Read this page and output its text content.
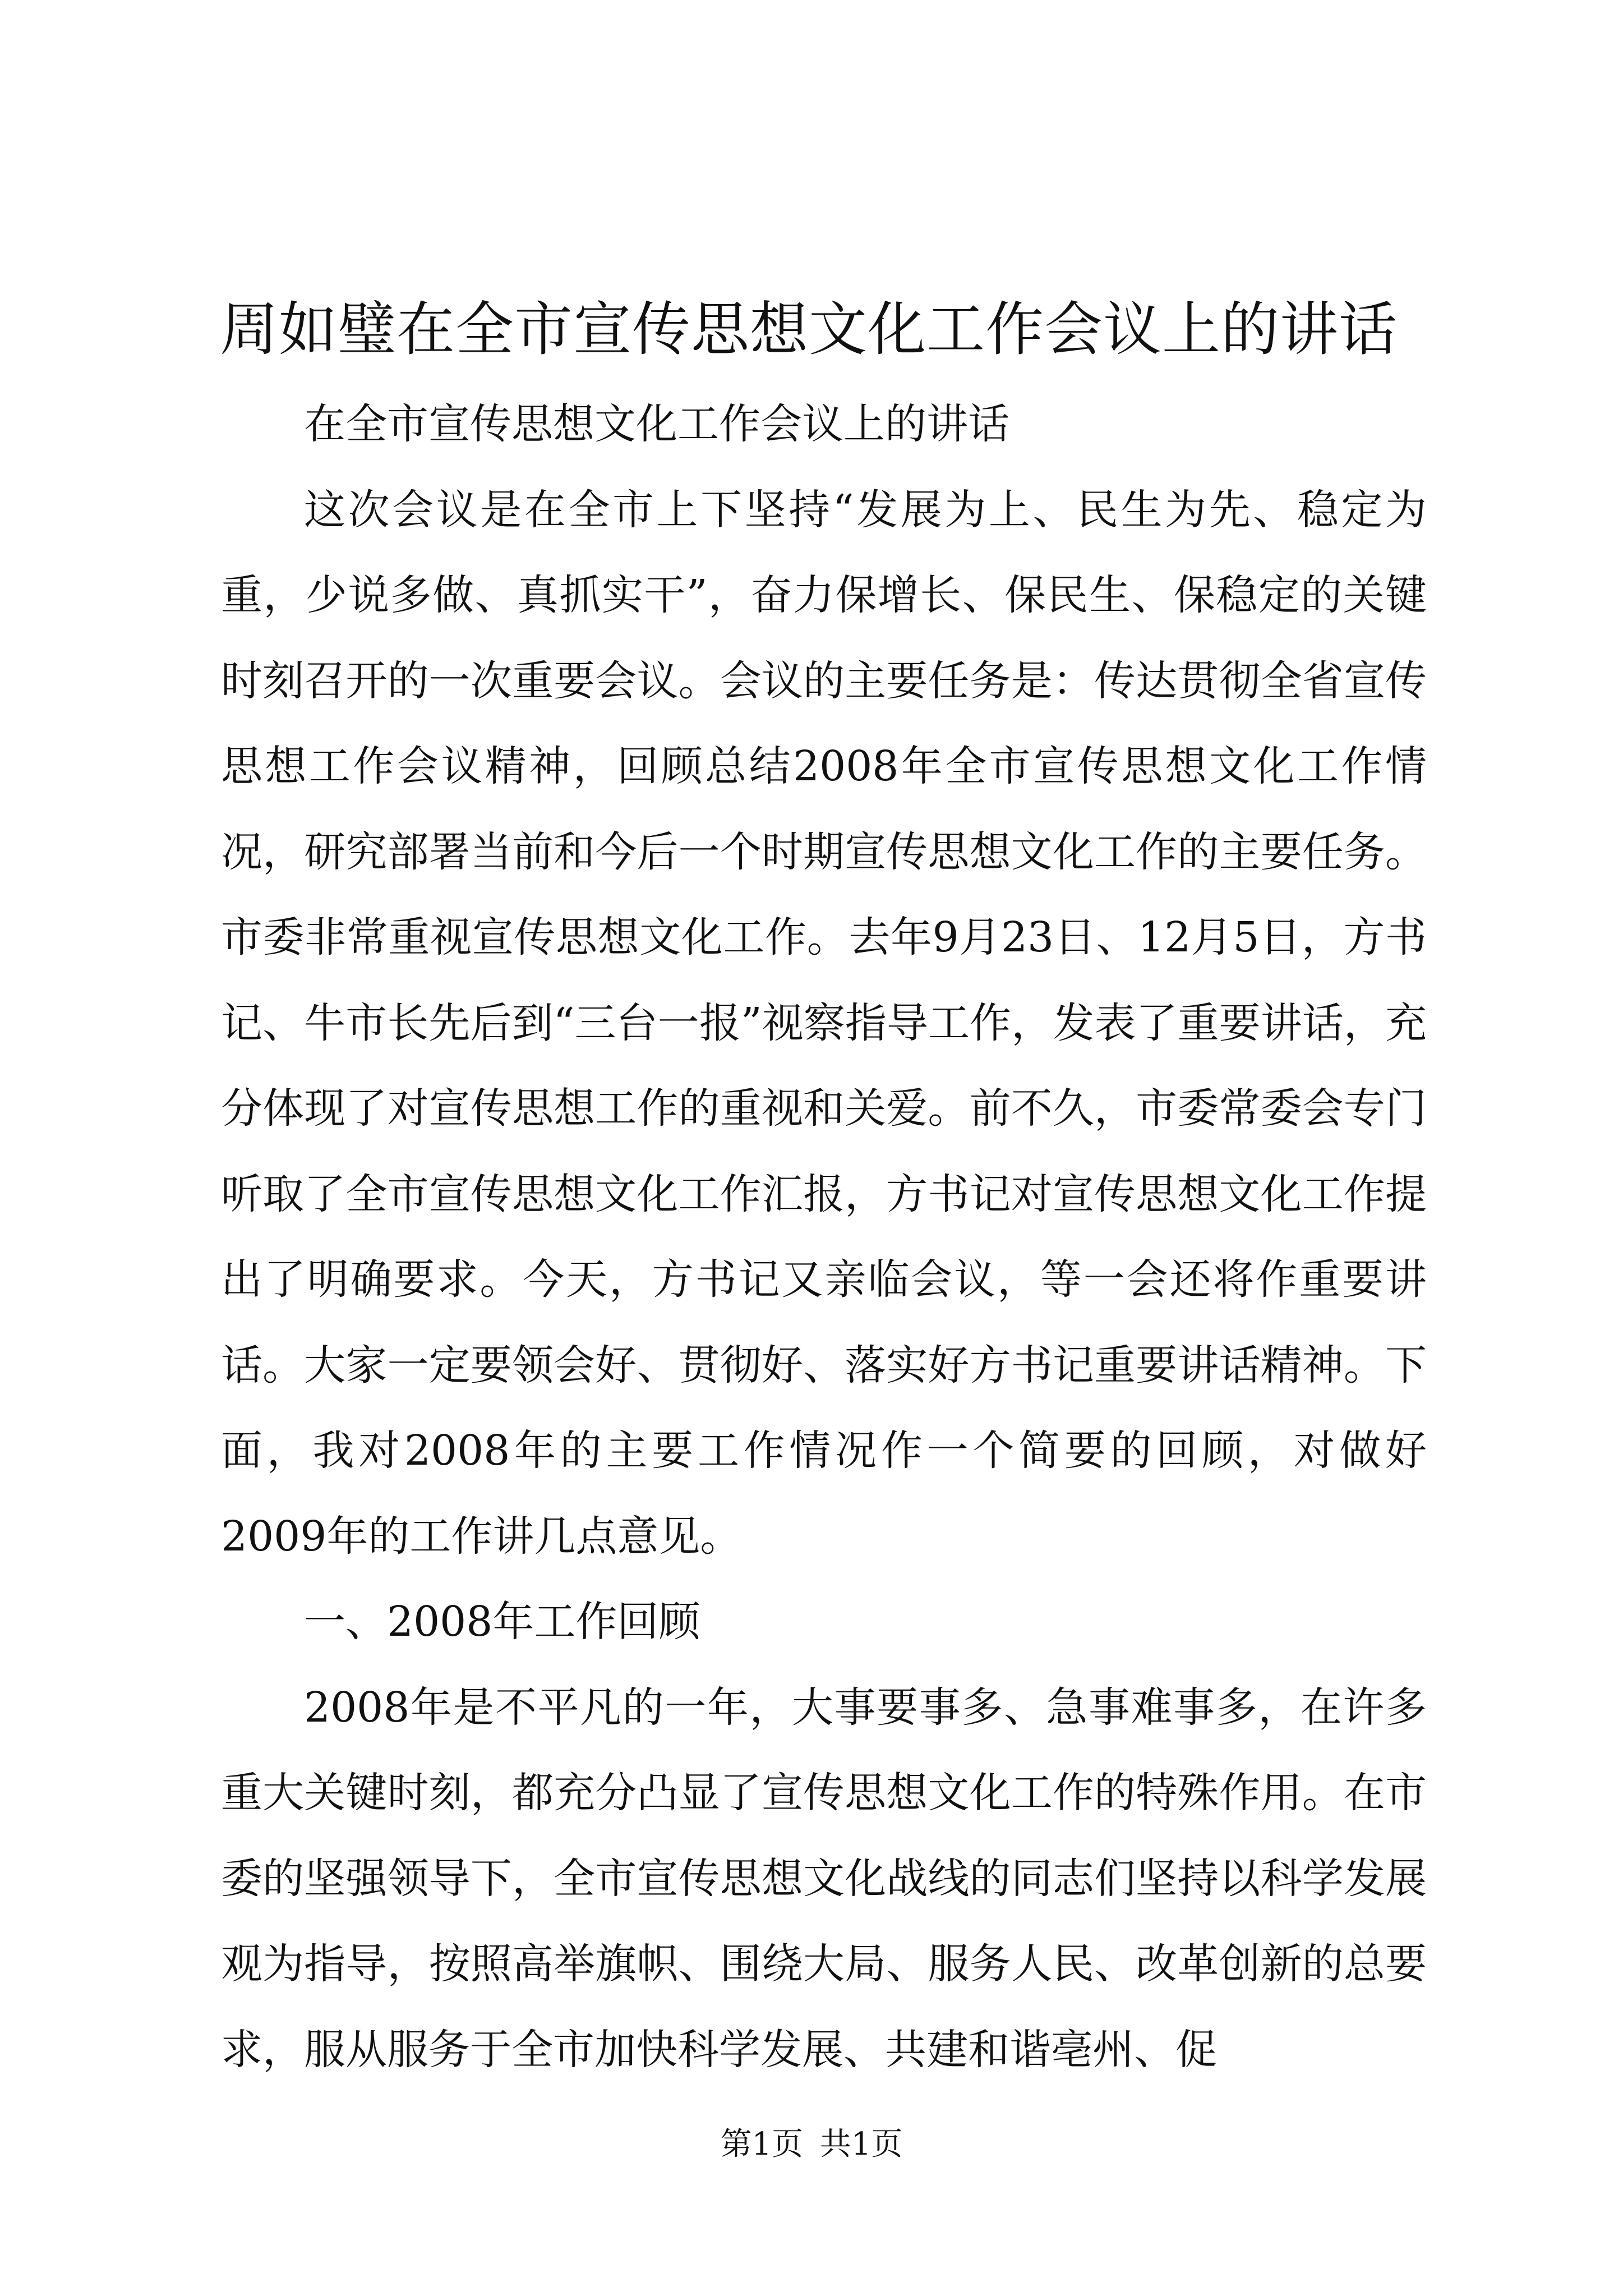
周如璧在全市宣传思想文化工作会议上的讲话

在全市宣传思想文化工作会议上的讲话

这次会议是在全市上下坚持“发展为上、民生为先、稳定为重，少说多做、真抓实干”，奋力保增长、保民生、保稳定的关键时刻召开的一次重要会议。会议的主要任务是：传达贯彻全省宣传思想工作会议精神，回顾总结2008年全市宣传思想文化工作情况，研究部署当前和今后一个时期宣传思想文化工作的主要任务。市委非常重视宣传思想文化工作。去年9月23日、12月5日，方书记、牛市长先后到“三台一报”视察指导工作，发表了重要讲话，充分体现了对宣传思想工作的重视和关爱。前不久，市委常委会专门听取了全市宣传思想文化工作汇报，方书记对宣传思想文化工作提出了明确要求。今天，方书记又亲临会议，等一会还将作重要讲话。大家一定要领会好、贯彻好、落实好方书记重要讲话精神。下面，我对2008年的主要工作情况作一个简要的回顾，对做好2009年的工作讲几点意见。

一、2008年工作回顾

2008年是不平凡的一年，大事要事多、急事难事多，在许多重大关键时刻，都充分凸显了宣传思想文化工作的特殊作用。在市委的坚强领导下，全市宣传思想文化战线的同志们坚持以科学发展观为指导，按照高举旗帜、围绕大局、服务人民、改革创新的总要求，服从服务于全市加快科学发展、共建和谐亳州、促

第1页 共1页
